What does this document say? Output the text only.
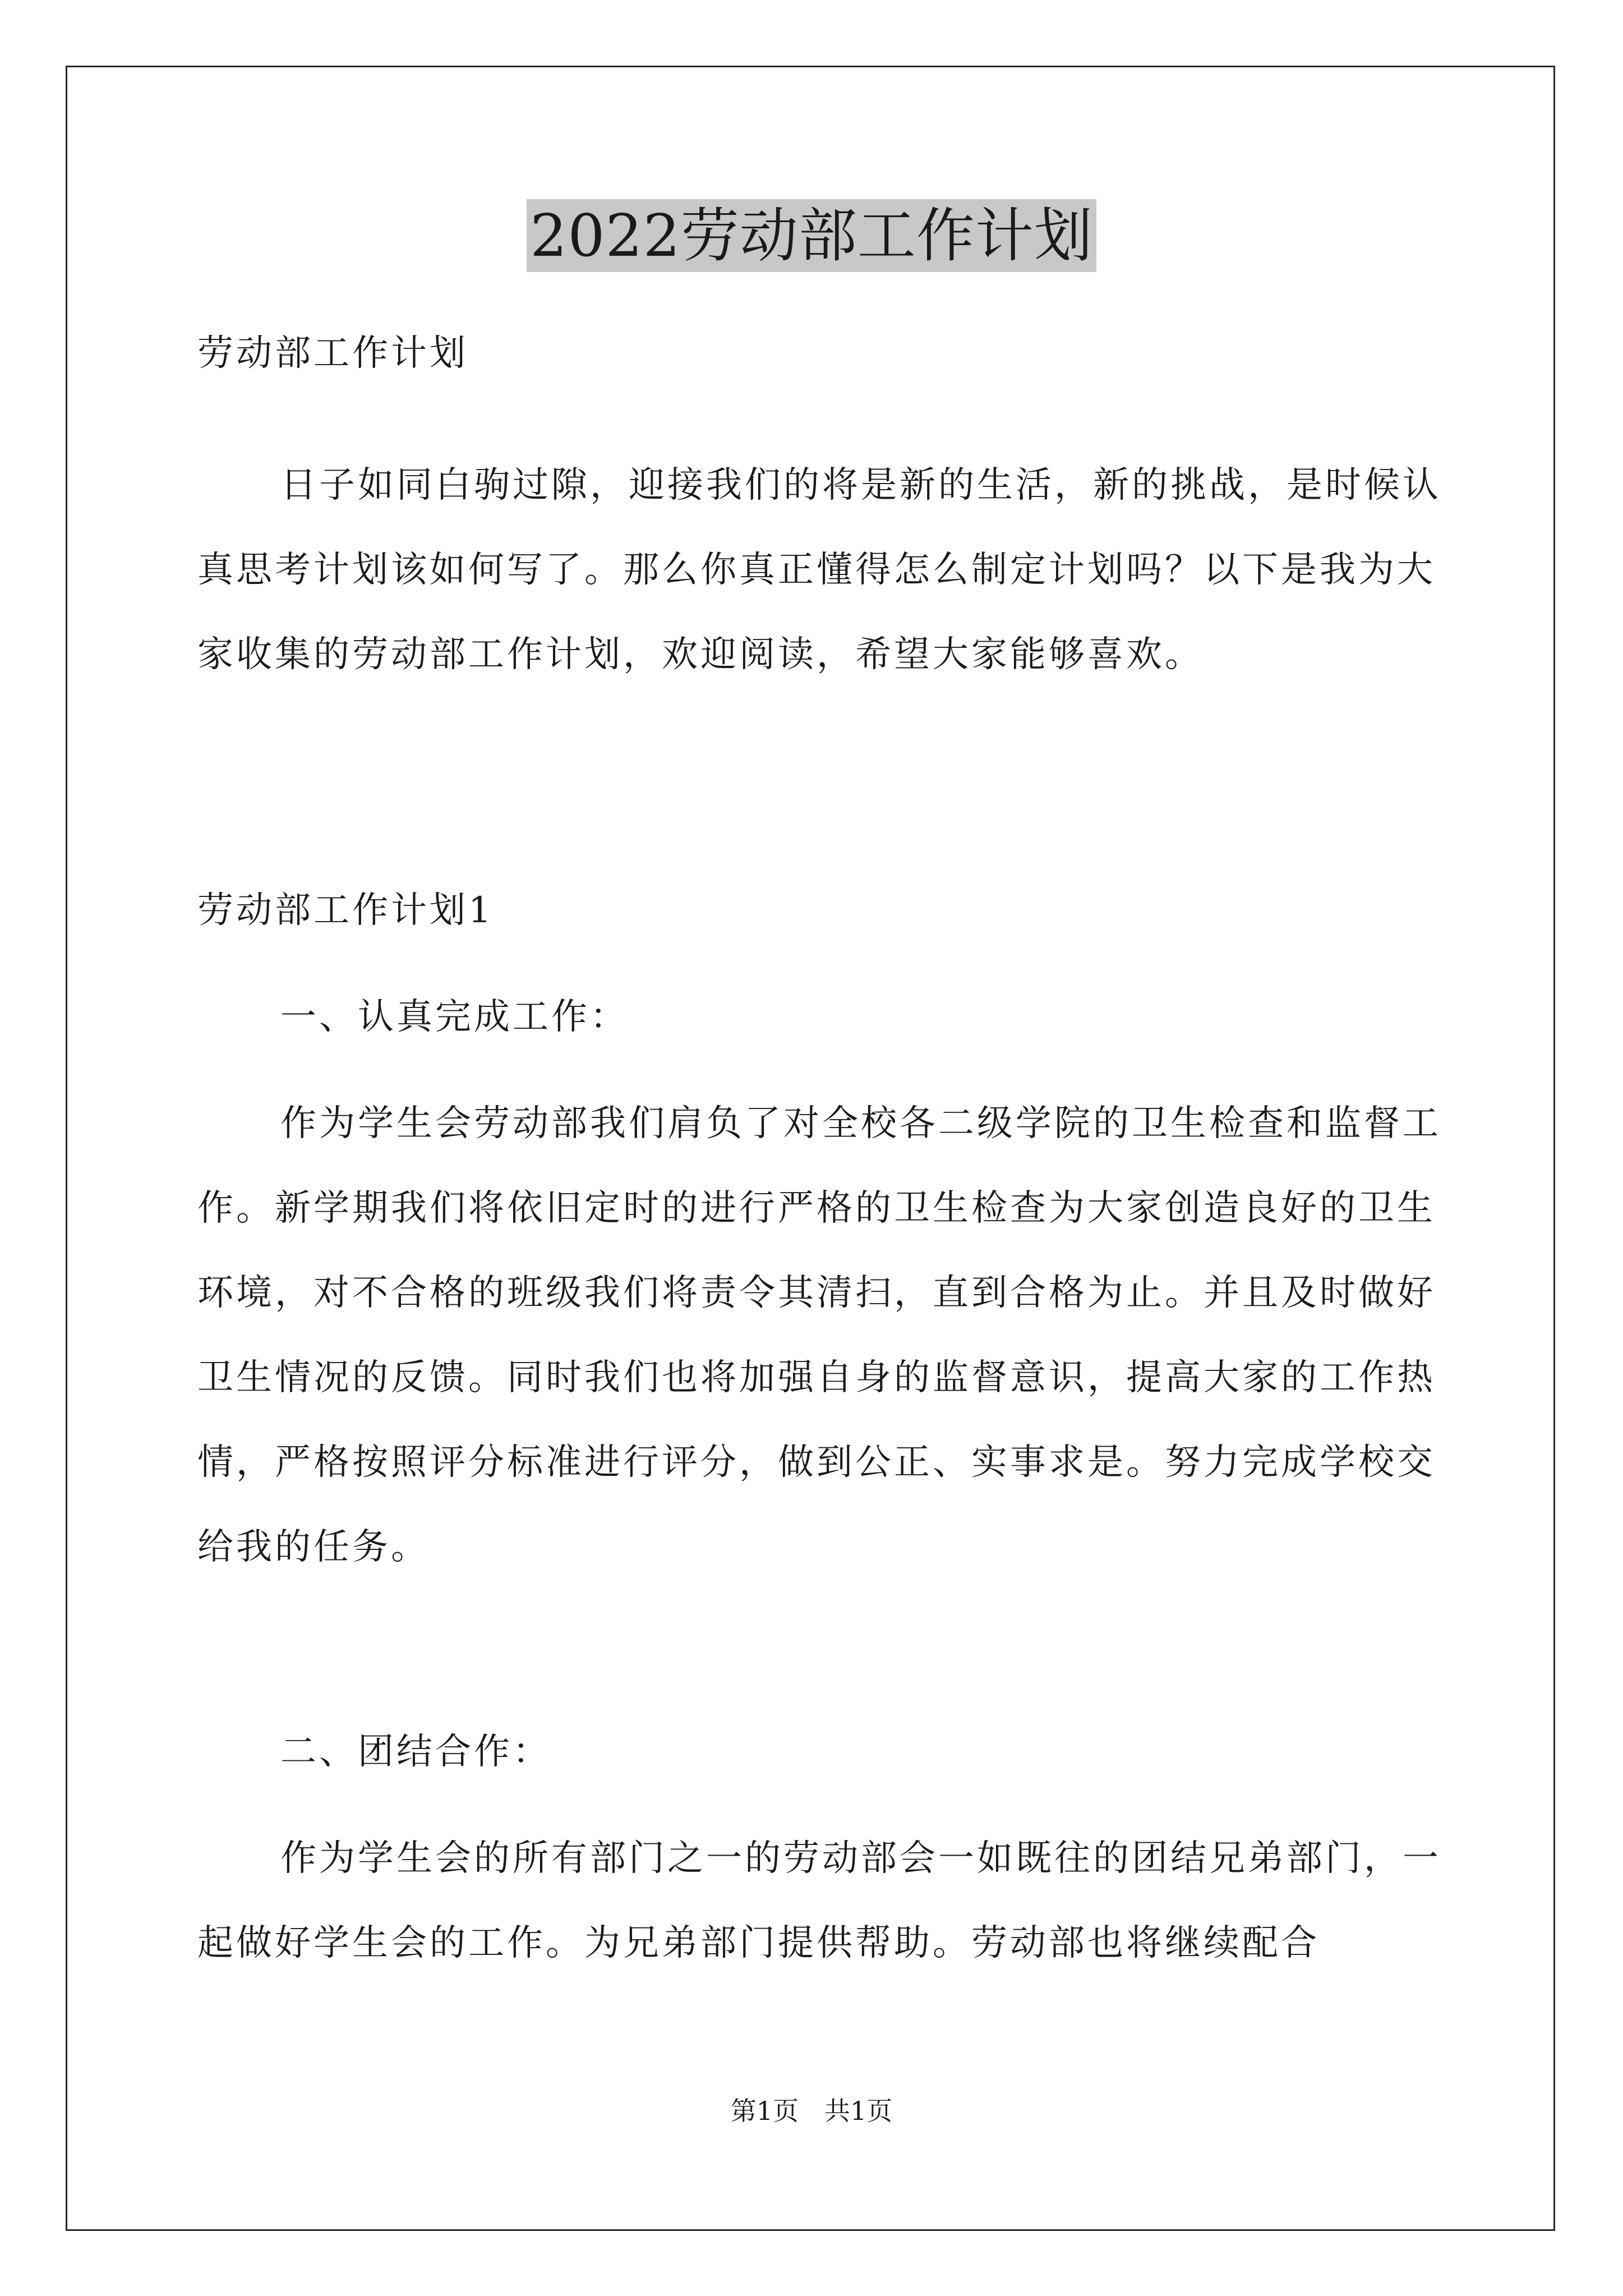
2022劳动部工作计划

劳动部工作计划

日子如同白驹过隙，迎接我们的将是新的生活，新的挑战，是时候认真思考计划该如何写了。那么你真正懂得怎么制定计划吗？以下是我为大家收集的劳动部工作计划，欢迎阅读，希望大家能够喜欢。

劳动部工作计划1

一、认真完成工作：

作为学生会劳动部我们肩负了对全校各二级学院的卫生检查和监督工作。新学期我们将依旧定时的进行严格的卫生检查为大家创造良好的卫生环境，对不合格的班级我们将责令其清扫，直到合格为止。并且及时做好卫生情况的反馈。同时我们也将加强自身的监督意识，提高大家的工作热情，严格按照评分标准进行评分，做到公正、实事求是。努力完成学校交给我的任务。

二、团结合作：

作为学生会的所有部门之一的劳动部会一如既往的团结兄弟部门，一起做好学生会的工作。为兄弟部门提供帮助。劳动部也将继续配合

第1页　共1页
